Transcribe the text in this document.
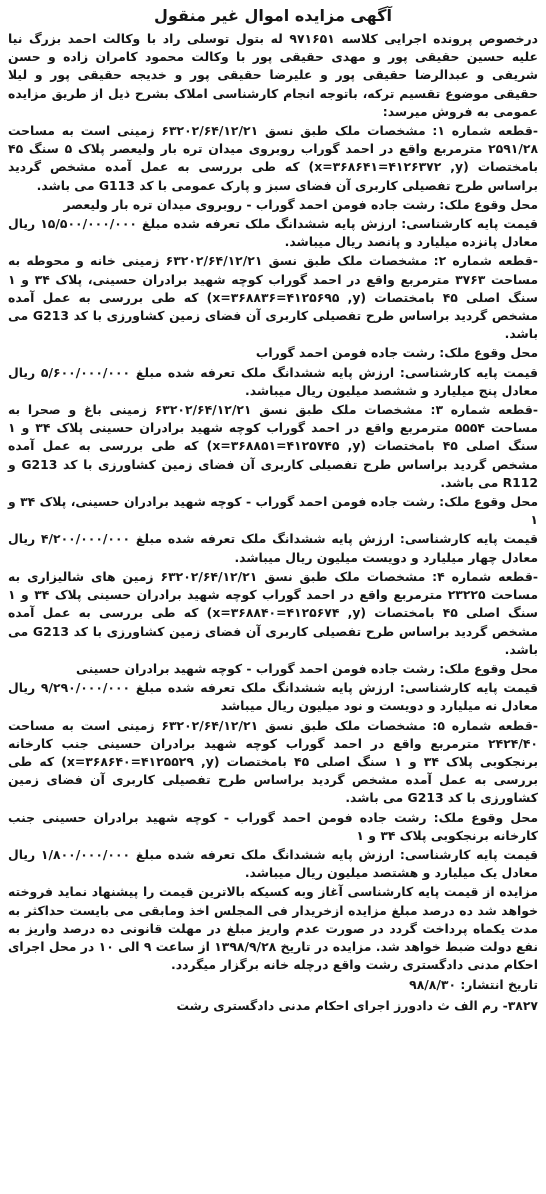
آگهی مزایده اموال غیر منقول
درخصوص پرونده اجرایی کلاسه ۹۷۱۶۵۱ له بتول توسلی راد با وکالت احمد بزرگ نیا علیه حسین حقیقی پور و مهدی حقیقی پور با وکالت محمود کامران زاده و حسن شریفی و عبدالرضا حقیقی پور و علیرضا حقیقی پور و خدیجه حقیقی پور و لیلا حقیقی موضوع تقسیم ترکه، باتوجه انجام کارشناسی املاک بشرح ذیل از طریق مزایده عمومی به فروش میرسد:
-قطعه شماره ۱: مشخصات ملک طبق نسق ۶۳۲۰۲/۶۴/۱۲/۲۱ زمینی است به مساحت ۲۵۹۱/۲۸ مترمربع واقع در احمد گوراب روبروی میدان تره بار ولیعصر پلاک ۵ سنگ ۴۵ بامختصات (x=۳۶۸۶۴۱=۴۱۲۶۳۷۲ ,y) که طی بررسی به عمل آمده مشخص گردید براساس طرح تفصیلی کاربری آن فضای سبز و پارک عمومی با کد G113 می باشد.
محل وقوع ملک: رشت جاده فومن احمد گوراب - روبروی میدان تره بار ولیعصر
قیمت پایه کارشناسی: ارزش پایه ششدانگ ملک تعرفه شده مبلغ ۱۵/۵۰۰/۰۰۰/۰۰۰ ریال معادل پانزده میلیارد و پانصد ریال میباشد.
-قطعه شماره ۲: مشخصات ملک طبق نسق ۶۳۲۰۲/۶۴/۱۲/۲۱ زمینی خانه و محوطه به مساحت ۳۷۶۳ مترمربع واقع در احمد گوراب کوچه شهید برادران حسینی، پلاک ۳۴ و ۱ سنگ اصلی ۴۵ بامختصات (x=۳۶۸۸۳۶=۴۱۲۵۶۹۵ ,y) که طی بررسی به عمل آمده مشخص گردید براساس طرح تفصیلی کاربری آن فضای زمین کشاورزی با کد G213 می باشد.
محل وقوع ملک: رشت جاده فومن احمد گوراب
قیمت پایه کارشناسی: ارزش پایه ششدانگ ملک تعرفه شده مبلغ ۵/۶۰۰/۰۰۰/۰۰۰ ریال معادل پنج میلیارد و ششصد میلیون ریال میباشد.
-قطعه شماره ۳: مشخصات ملک طبق نسق ۶۳۲۰۲/۶۴/۱۲/۲۱ زمینی باغ و صحرا به مساحت ۵۵۵۴ مترمربع واقع در احمد گوراب کوچه شهید برادران حسینی پلاک ۳۴ و ۱ سنگ اصلی ۴۵ بامختصات (x=۳۶۸۸۵۱=۴۱۲۵۷۴۵ ,y) که طی بررسی به عمل آمده مشخص گردید براساس طرح تفصیلی کاربری آن فضای زمین کشاورزی با کد G213 و R112 می باشد.
محل وقوع ملک: رشت جاده فومن احمد گوراب - کوچه شهید برادران حسینی، پلاک ۳۴ و ۱
قیمت پایه کارشناسی: ارزش پایه ششدانگ ملک تعرفه شده مبلغ ۴/۲۰۰/۰۰۰/۰۰۰ ریال معادل چهار میلیارد و دویست میلیون ریال میباشد.
-قطعه شماره ۴: مشخصات ملک طبق نسق ۶۳۲۰۲/۶۴/۱۲/۲۱ زمین های شالیزاری به مساحت ۲۳۲۲۵ مترمربع واقع در احمد گوراب کوچه شهید برادران حسینی پلاک ۳۴ و ۱ سنگ اصلی ۴۵ بامختصات (x=۳۶۸۸۴۰=۴۱۲۵۶۷۴ ,y) که طی بررسی به عمل آمده مشخص گردید براساس طرح تفصیلی کاربری آن فضای زمین کشاورزی با کد G213 می باشد.
محل وقوع ملک: رشت جاده فومن احمد گوراب - کوچه شهید برادران حسینی
قیمت پایه کارشناسی: ارزش پایه ششدانگ ملک تعرفه شده مبلغ ۹/۲۹۰/۰۰۰/۰۰۰ ریال معادل نه میلیارد و دویست و نود میلیون ریال میباشد
-قطعه شماره ۵: مشخصات ملک طبق نسق ۶۳۲۰۲/۶۴/۱۲/۲۱ زمینی است به مساحت ۲۴۲۴/۴۰ مترمربع واقع در احمد گوراب کوچه شهید برادران حسینی جنب کارخانه برنجکوبی پلاک ۳۴ و ۱ سنگ اصلی ۴۵ بامختصات (x=۳۶۸۶۴۰=۴۱۲۵۵۲۹ ,y) که طی بررسی به عمل آمده مشخص گردید براساس طرح تفصیلی کاربری آن فضای زمین کشاورزی با کد G213 می باشد.
محل وقوع ملک: رشت جاده فومن احمد گوراب - کوچه شهید برادران حسینی جنب کارخانه برنجکوبی پلاک ۳۴ و ۱
قیمت پایه کارشناسی: ارزش پایه ششدانگ ملک تعرفه شده مبلغ ۱/۸۰۰/۰۰۰/۰۰۰ ریال معادل یک میلیارد و هشتصد میلیون ریال میباشد.
مزایده از قیمت پایه کارشناسی آغاز وبه کسیکه بالاترین قیمت را پیشنهاد نماید فروخته خواهد شد ده درصد مبلغ مزایده ازخریدار فی المجلس اخذ ومابقی می بایست حداکثر به مدت یکماه پرداخت گردد در صورت عدم واریز مبلغ در مهلت قانونی ده درصد واریز به نفع دولت ضبط خواهد شد. مزایده در تاریخ ۱۳۹۸/۹/۲۸ از ساعت ۹ الی ۱۰ در محل اجرای احکام مدنی دادگستری رشت واقع درچله خانه برگزار میگردد.
تاریخ انتشار: ۹۸/۸/۳۰
۳۸۲۷- رم الف ث دادورز اجرای احکام مدنی دادگستری رشت
